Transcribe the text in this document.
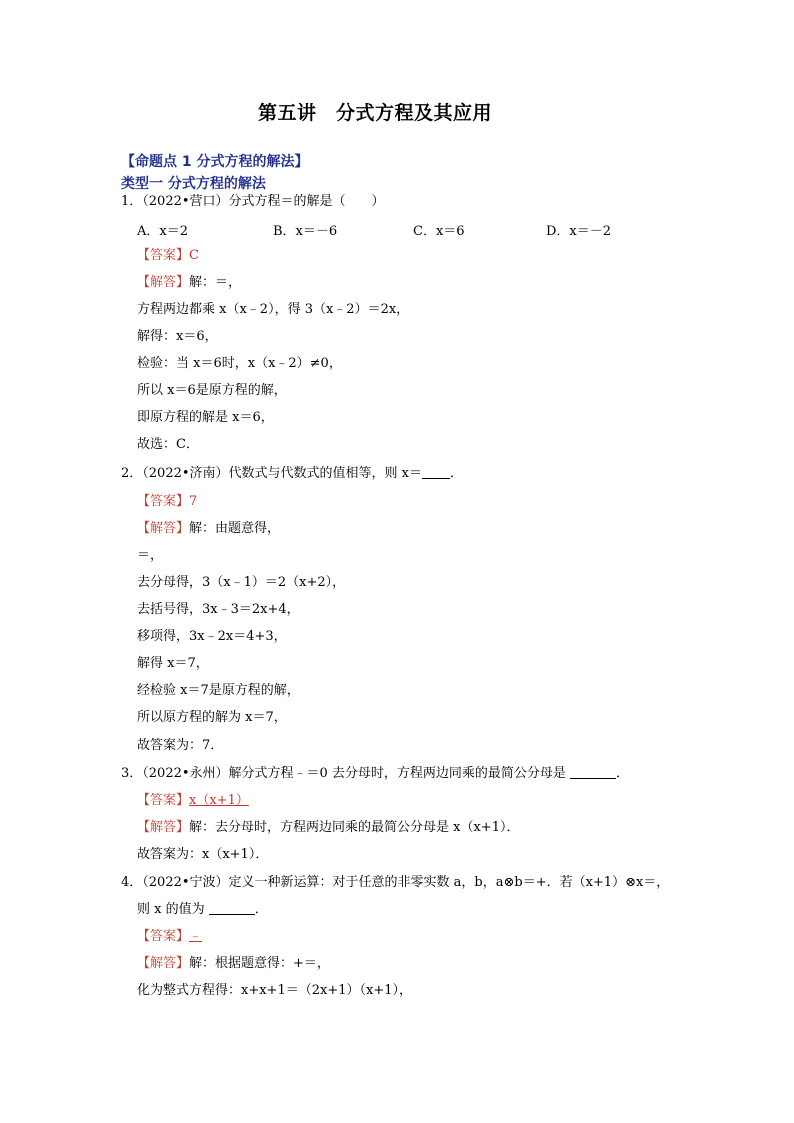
第五讲　分式方程及其应用
【命题点 1 分式方程的解法】
类型一 分式方程的解法
1．（2022•营口）分式方程＝的解是（　　）
A．x＝2	B．x＝－6	C．x＝6	D．x＝－2
【答案】C
【解答】解：＝，
方程两边都乘 x（x﹣2），得 3（x﹣2）＝2x，
解得：x＝6，
检验：当 x＝6时，x（x﹣2）≠0，
所以 x＝6是原方程的解，
即原方程的解是 x＝6，
故选：C．
2．（2022•济南）代数式与代数式的值相等，则 x＝ ．
【答案】7
【解答】解：由题意得，
＝，
去分母得，3（x﹣1）＝2（x+2），
去括号得，3x﹣3＝2x+4，
移项得，3x﹣2x＝4+3，
解得 x＝7，
经检验 x＝7是原方程的解，
所以原方程的解为 x＝7，
故答案为：7．
3．（2022•永州）解分式方程﹣＝0 去分母时，方程两边同乘的最简公分母是	．
【答案】x（x+1）
【解答】解：去分母时，方程两边同乘的最简公分母是 x（x+1）．
故答案为：x（x+1）．
4．（2022•宁波）定义一种新运算：对于任意的非零实数 a，b，a⊗b＝+．若（x+1）⊗x＝，
则 x 的值为	．
【答案】﹣
【解答】解：根据题意得：+＝，
化为整式方程得：x+x+1＝（2x+1）（x+1），
